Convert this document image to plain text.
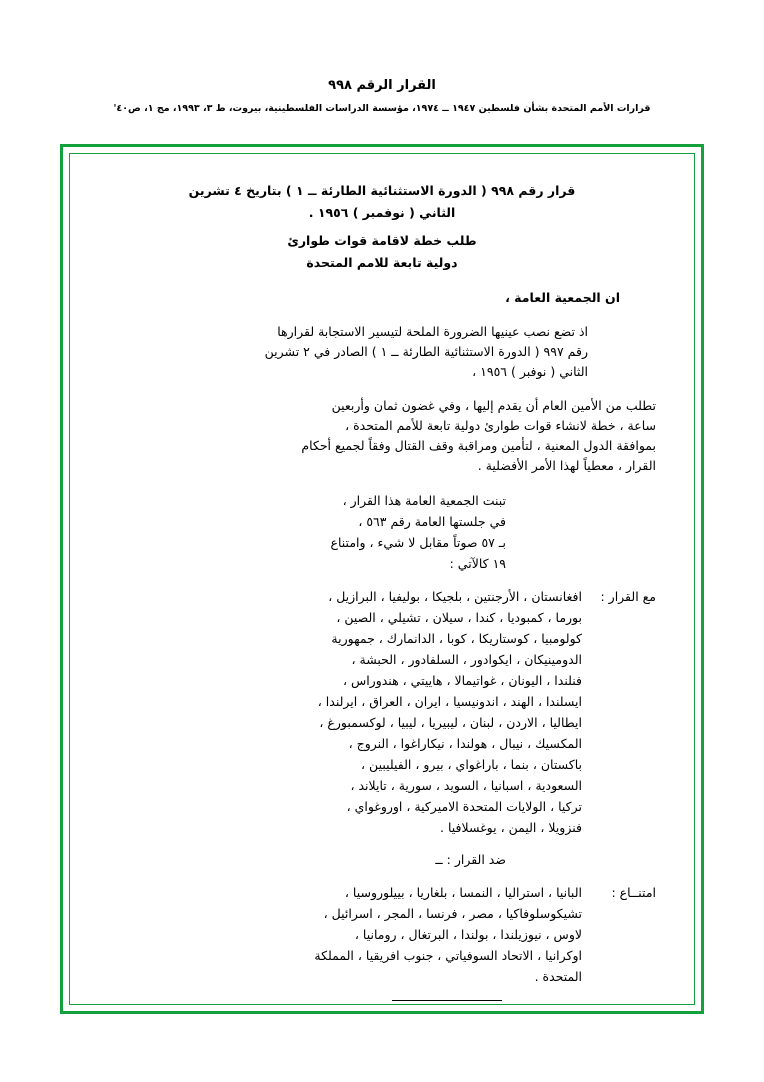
القرار الرقم ٩٩٨
قرارات الأمم المتحدة بشأن فلسطين ١٩٤٧ ــ ١٩٧٤، مؤسسة الدراسات الفلسطينية، بيروت، ط ٣، ١٩٩٣، مج ١، ص٤٠'
قرار رقم ٩٩٨ ( الدورة الاستثنائية الطارئة ــ ١ ) بتاريخ ٤ تشرين
الثاني ( نوفمبر ) ١٩٥٦ .
طلب خطة لاقامة قوات طوارئ
دولية تابعة للامم المتحدة

ان الجمعية العامة ،

اذ تضع نصب عينيها الضرورة الملحة لتيسير الاستجابة لقرارها

رقم ٩٩٧ ( الدورة الاستثنائية الطارئة ــ ١ ) الصادر في ٢ تشرين

الثاني ( نوفبر ) ١٩٥٦ ،

تطلب من الأمين العام أن يقدم إليها ، وفي غضون ثمان وأربعين

ساعة ، خطة لانشاء قوات طوارئ دولية تابعة للأمم المتحدة ،

بموافقة الدول المعنية ، لتأمين ومراقبة وقف القتال وفقاً لجميع أحكام

القرار ، معطياً لهذا الأمر الأفضلية .

تبنت الجمعية العامة هذا القرار ،

في جلستها العامة رقم ٥٦٣ ،

بـ ٥٧ صوتاً مقابل لا شيء ، وامتناع

١٩ كالآتي :

مع القرار :
افغانستان ، الأرجنتين ، بلجيكا ، بوليفيا ، البرازيل ،
بورما ، كمبوديا ، كندا ، سيلان ، تشيلي ، الصين ،
كولومبيا ، كوستاريكا ، كوبا ، الدانمارك ، جمهورية
الدومينيكان ، ايكوادور ، السلفادور ، الحبشة ،
فنلندا ، اليونان ، غواتيمالا ، هاييتي ، هندوراس ،
ايسلندا ، الهند ، اندونيسيا ، ايران ، العراق ، ايرلندا ،
ايطاليا ، الاردن ، لبنان ، ليبيريا ، ليبيا ، لوكسمبورغ ،
المكسيك ، نيبال ، هولندا ، نيكاراغوا ، النروج ،
باكستان ، بنما ، باراغواي ، بيرو ، الفيليبين ،
السعودية ، اسبانيا ، السويد ، سورية ، تايلاند ،
تركيا ، الولايات المتحدة الاميركية ، اوروغواي ،
فنزويلا ، اليمن ، يوغسلافيا .

ضد القرار : ــ

امتنــاع :
البانيا ، استراليا ، النمسا ، بلغاريا ، بييلوروسيا ،
تشيكوسلوفاكيا ، مصر ، فرنسا ، المجر ، اسرائيل ،
لاوس ، نيوزيلندا ، بولندا ، البرتغال ، رومانيا ،
اوكرانيا ، الاتحاد السوفياتي ، جنوب افريقيا ، المملكة
المتحدة .
